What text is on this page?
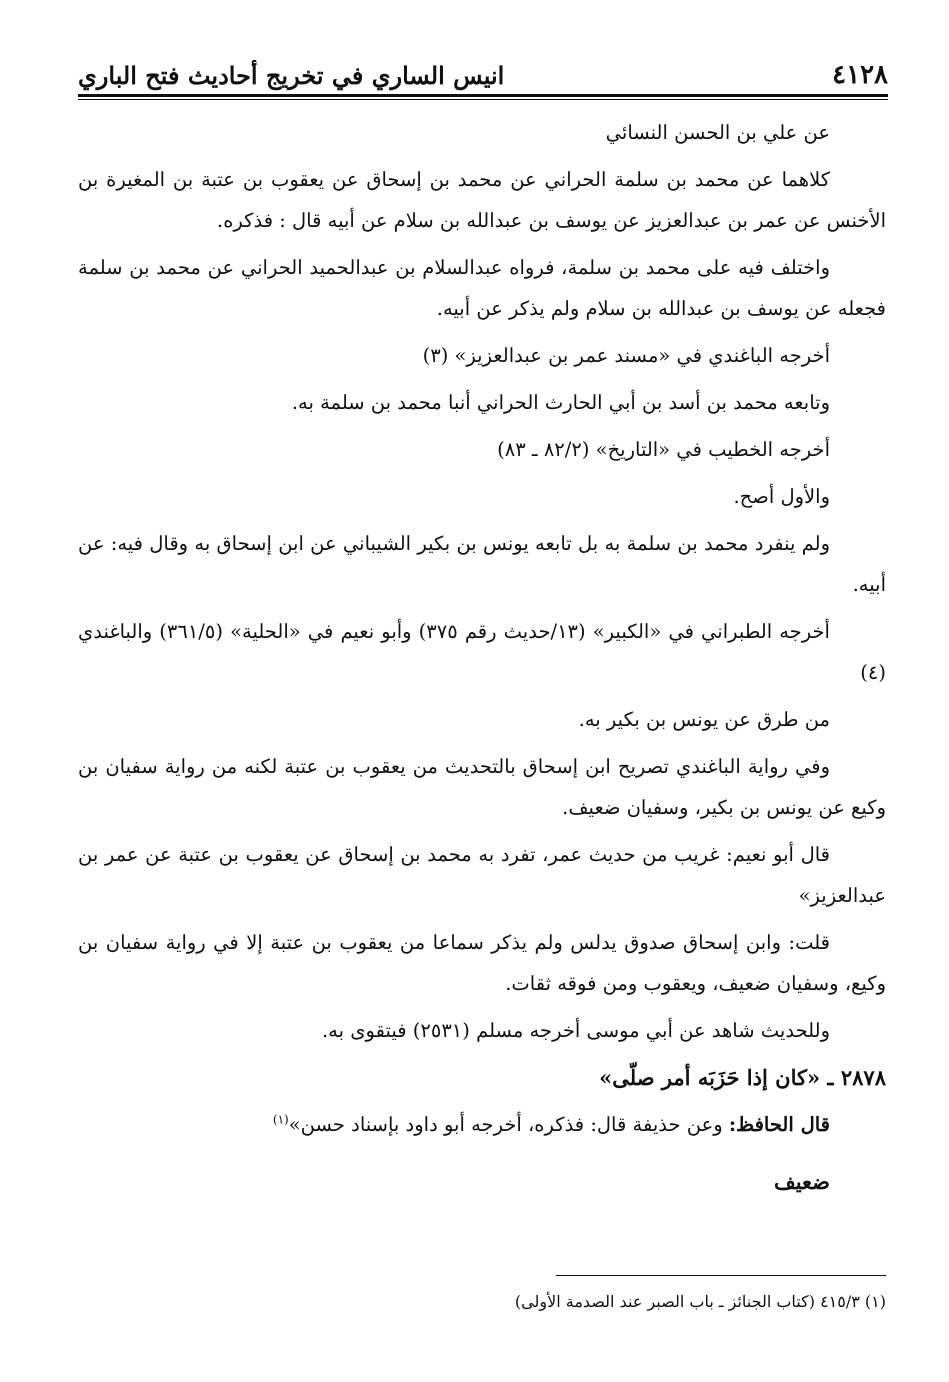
٤١٢٨
انيس الساري في تخريج أحاديث فتح الباري

عن علي بن الحسن النسائي

كلاهما عن محمد بن سلمة الحراني عن محمد بن إسحاق عن يعقوب بن عتبة بن المغيرة بن الأخنس عن عمر بن عبدالعزيز عن يوسف بن عبدالله بن سلام عن أبيه قال : فذكره.

واختلف فيه على محمد بن سلمة، فرواه عبدالسلام بن عبدالحميد الحراني عن محمد بن سلمة فجعله عن يوسف بن عبدالله بن سلام ولم يذكر عن أبيه.

أخرجه الباغندي في «مسند عمر بن عبدالعزيز» (٣)

وتابعه محمد بن أسد بن أبي الحارث الحراني أنبا محمد بن سلمة به.

أخرجه الخطيب في «التاريخ» (٨٢/٢ ـ ٨٣)

والأول أصح.

ولم ينفرد محمد بن سلمة به بل تابعه يونس بن بكير الشيباني عن ابن إسحاق به وقال فيه: عن أبيه.

أخرجه الطبراني في «الكبير» (١٣/حديث رقم ٣٧٥) وأبو نعيم في «الحلية» (٣٦١/٥) والباغندي (٤)

من طرق عن يونس بن بكير به.

وفي رواية الباغندي تصريح ابن إسحاق بالتحديث من يعقوب بن عتبة لكنه من رواية سفيان بن وكيع عن يونس بن بكير، وسفيان ضعيف.

قال أبو نعيم: غريب من حديث عمر، تفرد به محمد بن إسحاق عن يعقوب بن عتبة عن عمر بن عبدالعزيز»

قلت: وابن إسحاق صدوق يدلس ولم يذكر سماعا من يعقوب بن عتبة إلا في رواية سفيان بن وكيع، وسفيان ضعيف، ويعقوب ومن فوقه ثقات.

وللحديث شاهد عن أبي موسى أخرجه مسلم (٢٥٣١) فيتقوى به.

٢٨٧٨ ـ «كان إذا حَزَبَه أمر صلّى»

قال الحافظ: وعن حذيفة قال: فذكره، أخرجه أبو داود بإسناد حسن»$^{(١)}$

ضعيف

(١) ٤١٥/٣ (كتاب الجنائز ـ باب الصبر عند الصدمة الأولى)
